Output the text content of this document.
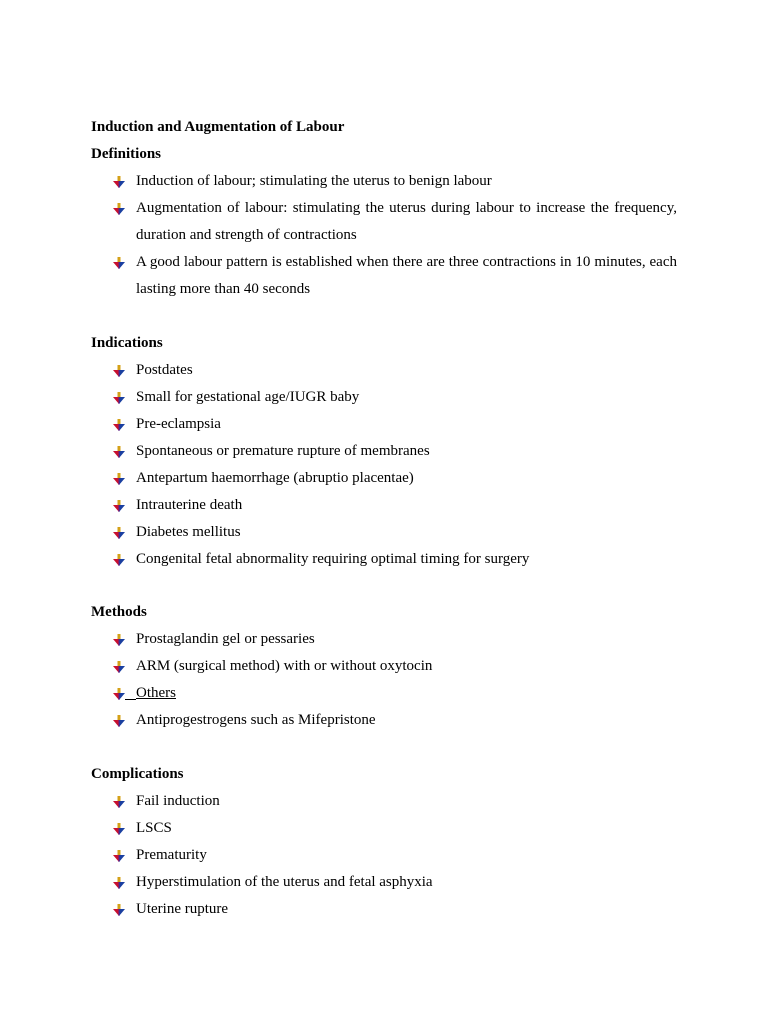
Induction and Augmentation of Labour

Definitions

Induction of labour; stimulating the uterus to benign labour
Augmentation of labour: stimulating the uterus during labour to increase the frequency, duration and strength of contractions
A good labour pattern is established when there are three contractions in 10 minutes, each lasting more than 40 seconds

Indications

Postdates
Small for gestational age/IUGR baby
Pre-eclampsia
Spontaneous or premature rupture of membranes
Antepartum haemorrhage (abruptio placentae)
Intrauterine death
Diabetes mellitus
Congenital fetal abnormality requiring optimal timing for surgery

Methods

Prostaglandin gel or pessaries
ARM (surgical method) with or without oxytocin
Others
Antiprogestrogens such as Mifepristone

Complications

Fail induction
LSCS
Prematurity
Hyperstimulation of the uterus and fetal asphyxia
Uterine rupture
